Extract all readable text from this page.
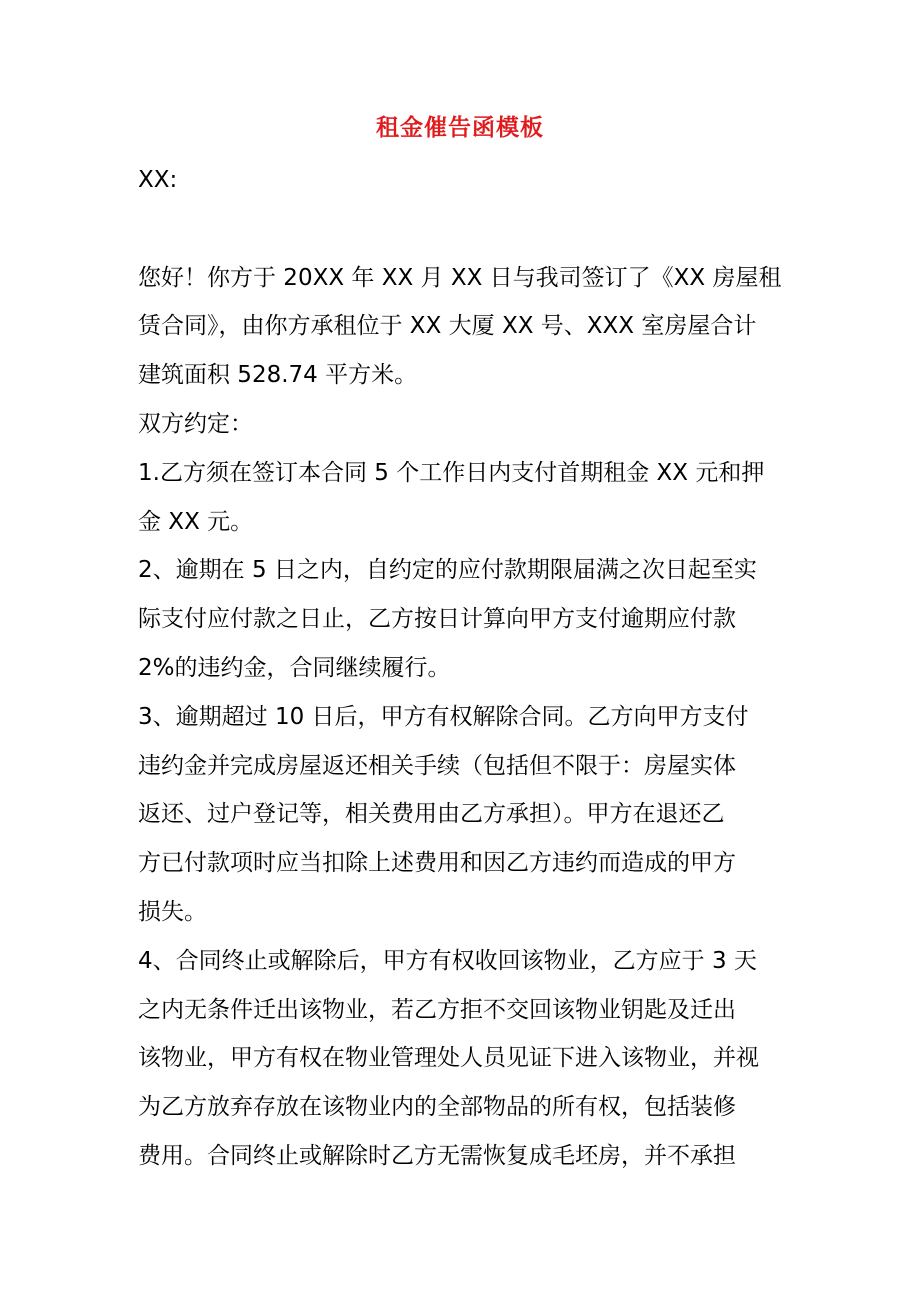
租金催告函模板
XX:
您好！你方于 20XX 年 XX 月 XX 日与我司签订了《XX 房屋租
赁合同》，由你方承租位于 XX 大厦 XX 号、XXX 室房屋合计
建筑面积 528.74 平方米。
双方约定：
1.乙方须在签订本合同 5 个工作日内支付首期租金 XX 元和押
金 XX 元。
2、逾期在 5 日之内，自约定的应付款期限届满之次日起至实
际支付应付款之日止，乙方按日计算向甲方支付逾期应付款
2%的违约金，合同继续履行。
3、逾期超过 10 日后，甲方有权解除合同。乙方向甲方支付
违约金并完成房屋返还相关手续（包括但不限于：房屋实体
返还、过户登记等，相关费用由乙方承担）。甲方在退还乙
方已付款项时应当扣除上述费用和因乙方违约而造成的甲方
损失。
4、合同终止或解除后，甲方有权收回该物业，乙方应于 3 天
之内无条件迁出该物业，若乙方拒不交回该物业钥匙及迁出
该物业，甲方有权在物业管理处人员见证下进入该物业，并视
为乙方放弃存放在该物业内的全部物品的所有权，包括装修
费用。合同终止或解除时乙方无需恢复成毛坯房，并不承担
